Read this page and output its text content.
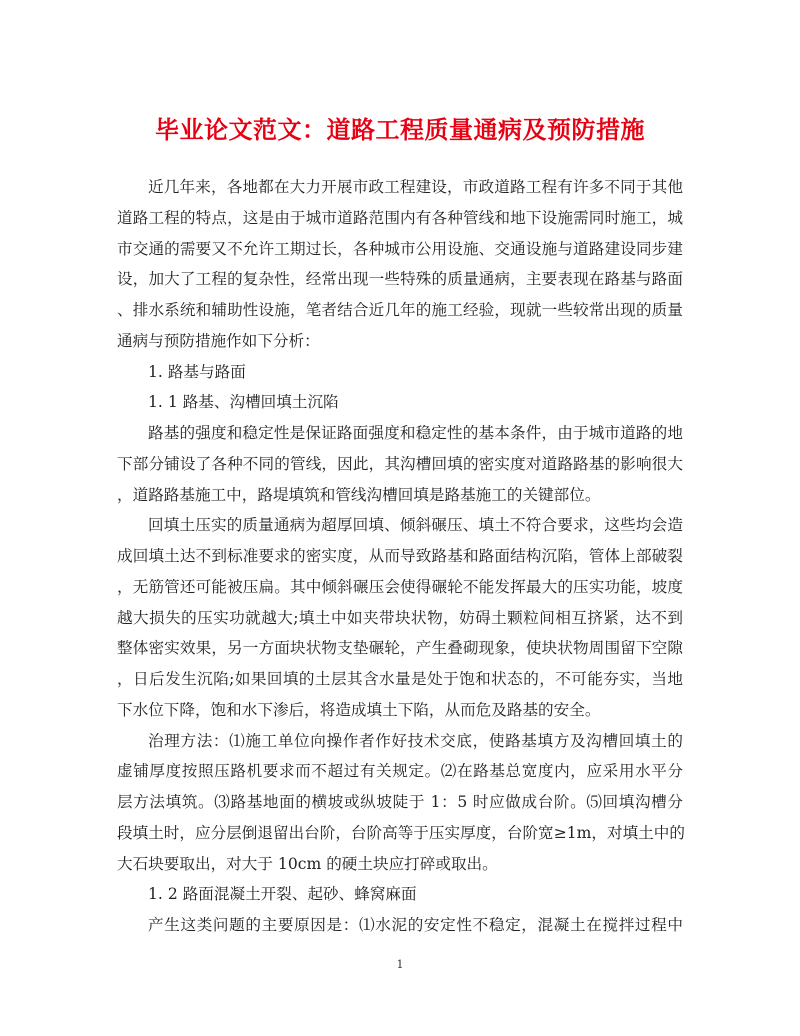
毕业论文范文：道路工程质量通病及预防措施
近几年来，各地都在大力开展市政工程建设，市政道路工程有许多不同于其他
道路工程的特点，这是由于城市道路范围内有各种管线和地下设施需同时施工，城
市交通的需要又不允许工期过长，各种城市公用设施、交通设施与道路建设同步建
设，加大了工程的复杂性，经常出现一些特殊的质量通病，主要表现在路基与路面
、排水系统和辅助性设施，笔者结合近几年的施工经验，现就一些较常出现的质量
通病与预防措施作如下分析：
1. 路基与路面
1. 1 路基、沟槽回填土沉陷
路基的强度和稳定性是保证路面强度和稳定性的基本条件，由于城市道路的地
下部分铺设了各种不同的管线，因此，其沟槽回填的密实度对道路路基的影响很大
，道路路基施工中，路堤填筑和管线沟槽回填是路基施工的关键部位。
回填土压实的质量通病为超厚回填、倾斜碾压、填土不符合要求，这些均会造
成回填土达不到标准要求的密实度，从而导致路基和路面结构沉陷，管体上部破裂
，无筋管还可能被压扁。其中倾斜碾压会使得碾轮不能发挥最大的压实功能，坡度
越大损失的压实功就越大;填土中如夹带块状物，妨碍土颗粒间相互挤紧，达不到
整体密实效果，另一方面块状物支垫碾轮，产生叠砌现象，使块状物周围留下空隙
，日后发生沉陷;如果回填的土层其含水量是处于饱和状态的，不可能夯实，当地
下水位下降，饱和水下渗后，将造成填土下陷，从而危及路基的安全。
治理方法：⑴施工单位向操作者作好技术交底，使路基填方及沟槽回填土的
虚铺厚度按照压路机要求而不超过有关规定。⑵在路基总宽度内，应采用水平分
层方法填筑。⑶路基地面的横坡或纵坡陡于 1：5 时应做成台阶。⑸回填沟槽分
段填土时，应分层倒退留出台阶，台阶高等于压实厚度，台阶宽≥1m，对填土中的
大石块要取出，对大于 10cm 的硬土块应打碎或取出。
1. 2 路面混凝土开裂、起砂、蜂窝麻面
产生这类问题的主要原因是：⑴水泥的安定性不稳定，混凝土在搅拌过程中
1
